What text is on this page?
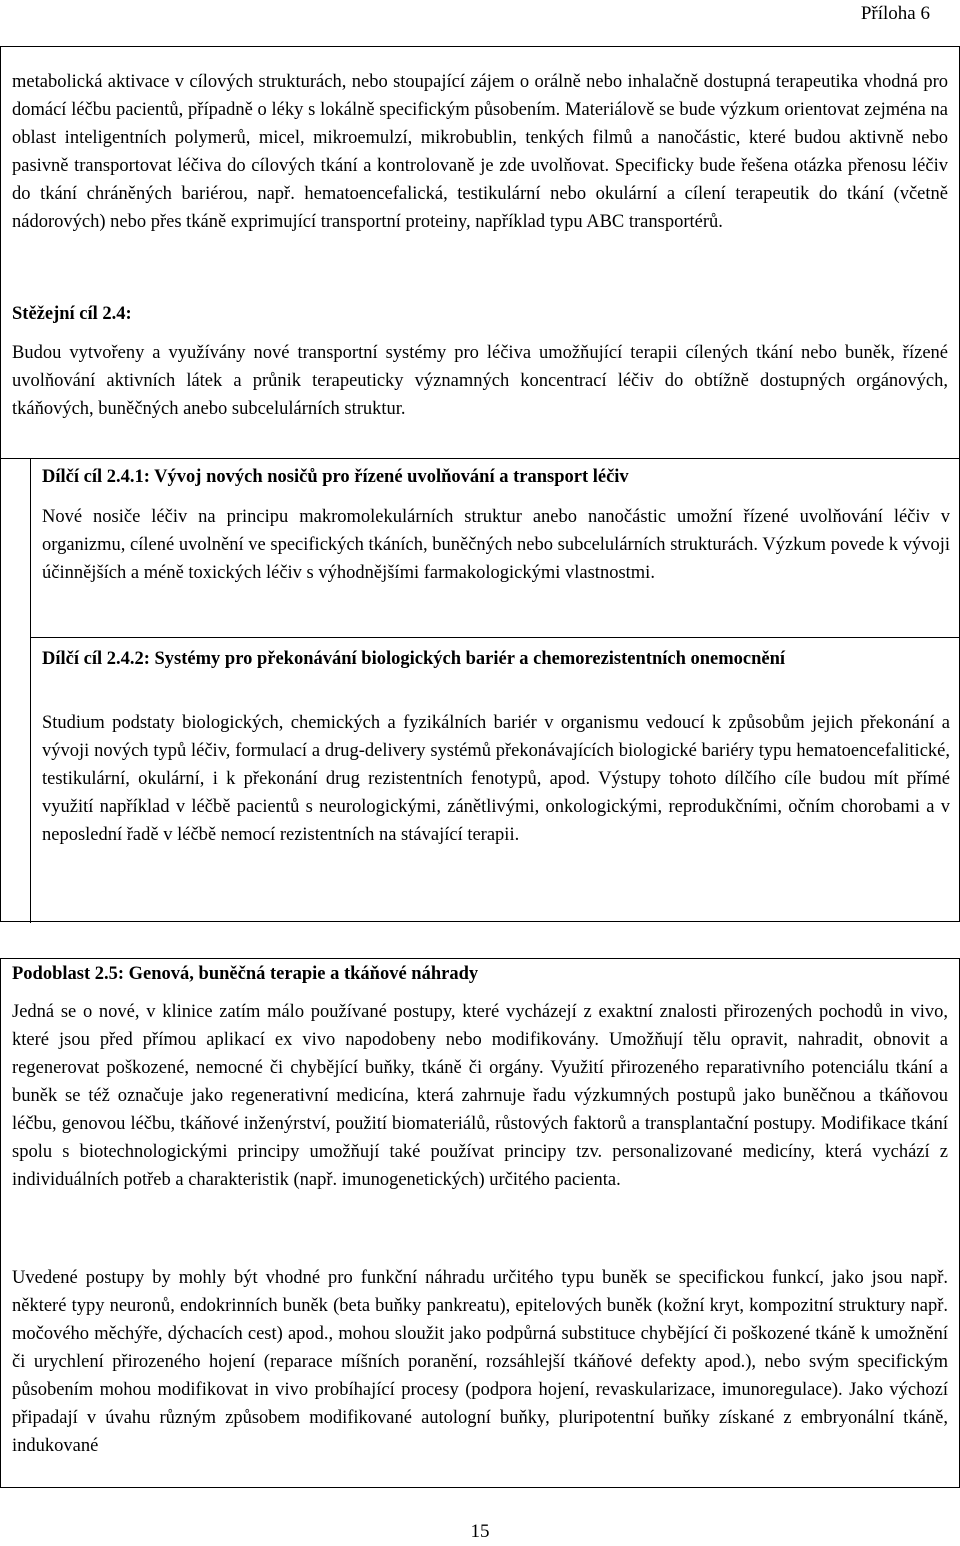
Příloha 6

metabolická aktivace v cílových strukturách, nebo stoupající zájem o orálně nebo inhalačně dostupná terapeutika vhodná pro domácí léčbu pacientů, případně o léky s lokálně specifickým působením. Materiálově se bude výzkum orientovat zejména na oblast inteligentních polymerů, micel, mikroemulzí, mikrobublin, tenkých filmů a nanočástic, které budou aktivně nebo pasivně transportovat léčiva do cílových tkání a kontrolovaně je zde uvolňovat. Specificky bude řešena otázka přenosu léčiv do tkání chráněných bariérou, např. hematoencefalická, testikulární nebo okulární a cílení terapeutik do tkání (včetně nádorových) nebo přes tkáně exprimující transportní proteiny, například typu ABC transportérů.

Stěžejní cíl 2.4:

Budou vytvořeny a využívány nové transportní systémy pro léčiva umožňující terapii cílených tkání nebo buněk, řízené uvolňování aktivních látek a průnik terapeuticky významných koncentrací léčiv do obtížně dostupných orgánových, tkáňových, buněčných anebo subcelulárních struktur.

Dílčí cíl 2.4.1: Vývoj nových nosičů pro řízené uvolňování a transport léčiv

Nové nosiče léčiv na principu makromolekulárních struktur anebo nanočástic umožní řízené uvolňování léčiv v organizmu, cílené uvolnění ve specifických tkáních, buněčných nebo subcelulárních strukturách. Výzkum povede k vývoji účinnějších a méně toxických léčiv s výhodnějšími farmakologickými vlastnostmi.

Dílčí cíl 2.4.2: Systémy pro překonávání biologických bariér a chemorezistentních onemocnění

Studium podstaty biologických, chemických a fyzikálních bariér v organismu vedoucí k způsobům jejich překonání a vývoji nových typů léčiv, formulací a drug-delivery systémů překonávajících biologické bariéry typu hematoencefalitické, testikulární, okulární, i k překonání drug rezistentních fenotypů, apod. Výstupy tohoto dílčího cíle budou mít přímé využití například v léčbě pacientů s neurologickými, zánětlivými, onkologickými, reprodukčními, očním chorobami a v neposlední řadě v léčbě nemocí rezistentních na stávající terapii.

Podoblast 2.5: Genová, buněčná terapie a tkáňové náhrady

Jedná se o nové, v klinice zatím málo používané postupy, které vycházejí z exaktní znalosti přirozených pochodů in vivo, které jsou před přímou aplikací ex vivo napodobeny nebo modifikovány. Umožňují tělu opravit, nahradit, obnovit a regenerovat poškozené, nemocné či chybějící buňky, tkáně či orgány. Využití přirozeného reparativního potenciálu tkání a buněk se též označuje jako regenerativní medicína, která zahrnuje řadu výzkumných postupů jako buněčnou a tkáňovou léčbu, genovou léčbu, tkáňové inženýrství, použití biomateriálů, růstových faktorů a transplantační postupy. Modifikace tkání spolu s biotechnologickými principy umožňují také používat principy tzv. personalizované medicíny, která vychází z individuálních potřeb a charakteristik (např. imunogenetických) určitého pacienta.

Uvedené postupy by mohly být vhodné pro funkční náhradu určitého typu buněk se specifickou funkcí, jako jsou např. některé typy neuronů, endokrinních buněk (beta buňky pankreatu), epitelových buněk (kožní kryt, kompozitní struktury např. močového měchýře, dýchacích cest) apod., mohou sloužit jako podpůrná substituce chybějící či poškozené tkáně k umožnění či urychlení přirozeného hojení (reparace míšních poranění, rozsáhlejší tkáňové defekty apod.), nebo svým specifickým působením mohou modifikovat in vivo probíhající procesy (podpora hojení, revaskularizace, imunoregulace). Jako výchozí připadají v úvahu různým způsobem modifikované autologní buňky, pluripotentní buňky získané z embryonální tkáně, indukované

15
